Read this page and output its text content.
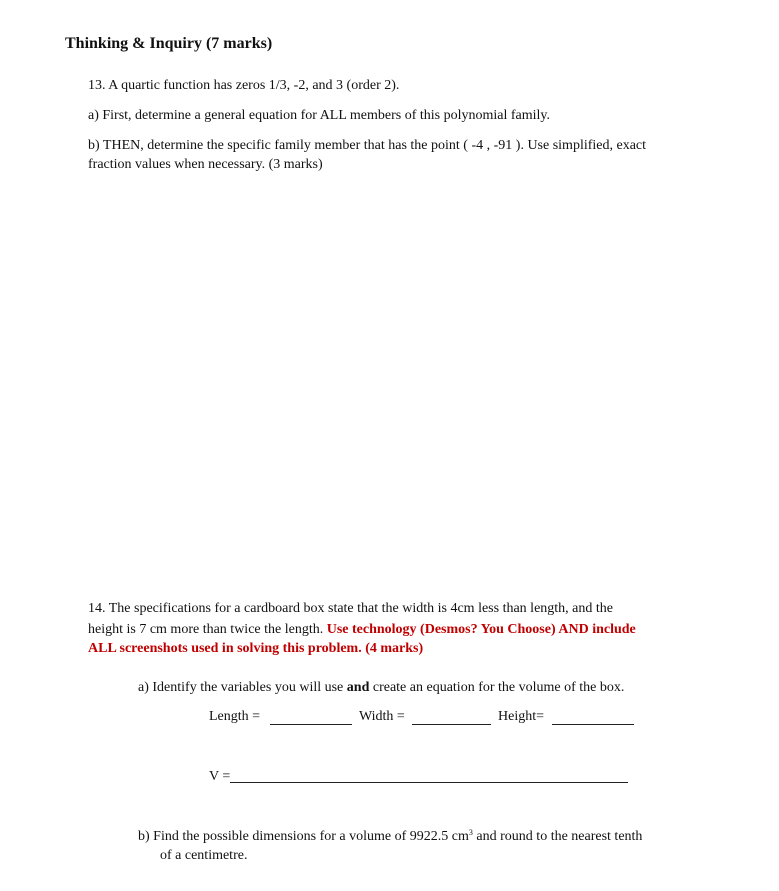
Thinking & Inquiry (7 marks)
13. A quartic function has zeros 1/3, -2, and 3 (order 2).
a) First, determine a general equation for ALL members of this polynomial family.
b) THEN, determine the specific family member that has the point ( -4 , -91 ). Use simplified, exact
fraction values when necessary. (3 marks)
14. The specifications for a cardboard box state that the width is 4cm less than length, and the
height is 7 cm more than twice the length. Use technology (Desmos? You Choose) AND include
ALL screenshots used in solving this problem. (4 marks)
a) Identify the variables you will use and create an equation for the volume of the box.
Length =	Width =	Height=
V =
b) Find the possible dimensions for a volume of 9922.5 $cm^3$ and round to the nearest tenth
of a centimetre.
